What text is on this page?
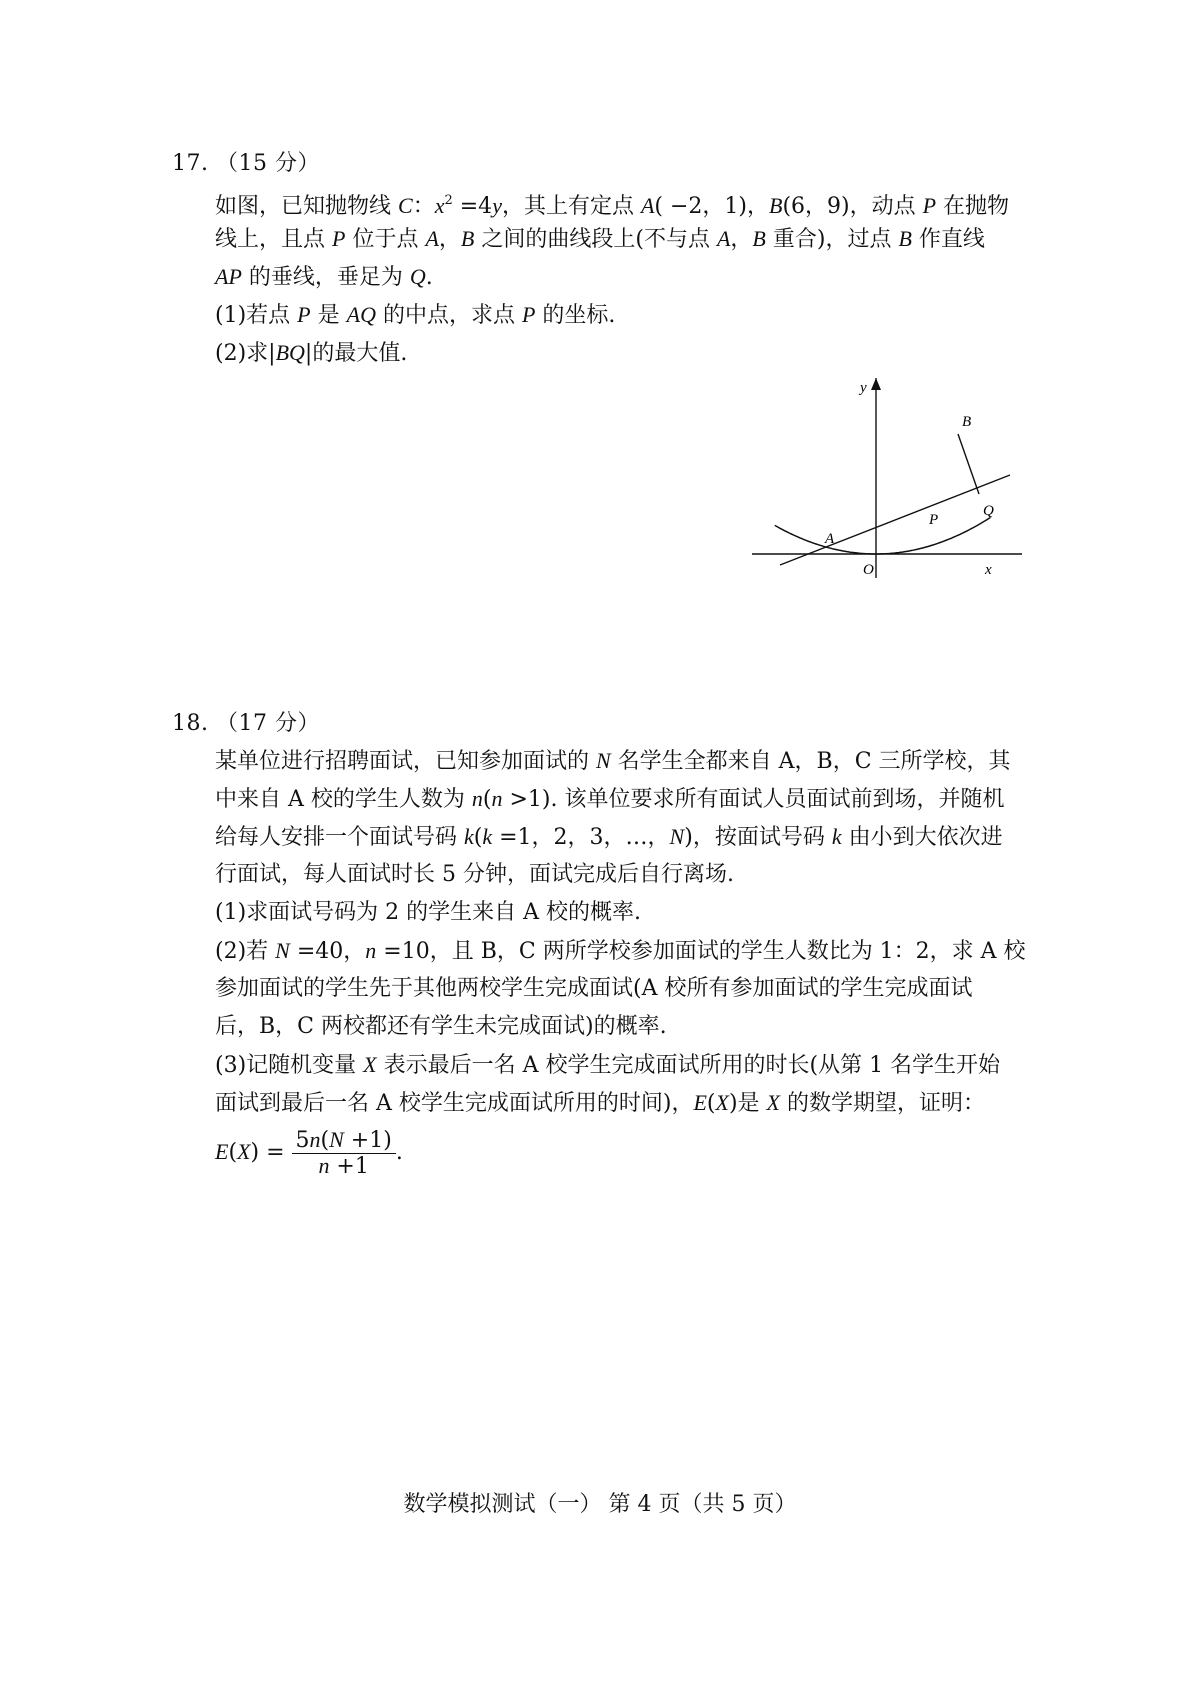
17. （15 分）
如图，已知抛物线 C：$x^2 =4y$，其上有定点 A( −2，1)，B(6，9)，动点 P 在抛物
线上，且点 P 位于点 A，B 之间的曲线段上(不与点 A，B 重合)，过点 B 作直线
AP 的垂线，垂足为 Q.
(1)若点 P 是 AQ 的中点，求点 P 的坐标.
(2)求|BQ|的最大值.
y
x
O
A
B
P
Q
18. （17 分）
某单位进行招聘面试，已知参加面试的 N 名学生全都来自 A，B，C 三所学校，其
中来自 A 校的学生人数为 n(n >1). 该单位要求所有面试人员面试前到场，并随机
给每人安排一个面试号码 k(k =1，2，3，…，N)，按面试号码 k 由小到大依次进
行面试，每人面试时长 5 分钟，面试完成后自行离场.
(1)求面试号码为 2 的学生来自 A 校的概率.
(2)若 N =40，n =10，且 B，C 两所学校参加面试的学生人数比为 1：2，求 A 校
参加面试的学生先于其他两校学生完成面试(A 校所有参加面试的学生完成面试
后，B，C 两校都还有学生未完成面试)的概率.
(3)记随机变量 X 表示最后一名 A 校学生完成面试所用的时长(从第 1 名学生开始
面试到最后一名 A 校学生完成面试所用的时间)，E(X)是 X 的数学期望，证明：
$E(X) = \frac{5n(N +1)}{n +1}$ .
数学模拟测试（一） 第 4 页（共 5 页）
